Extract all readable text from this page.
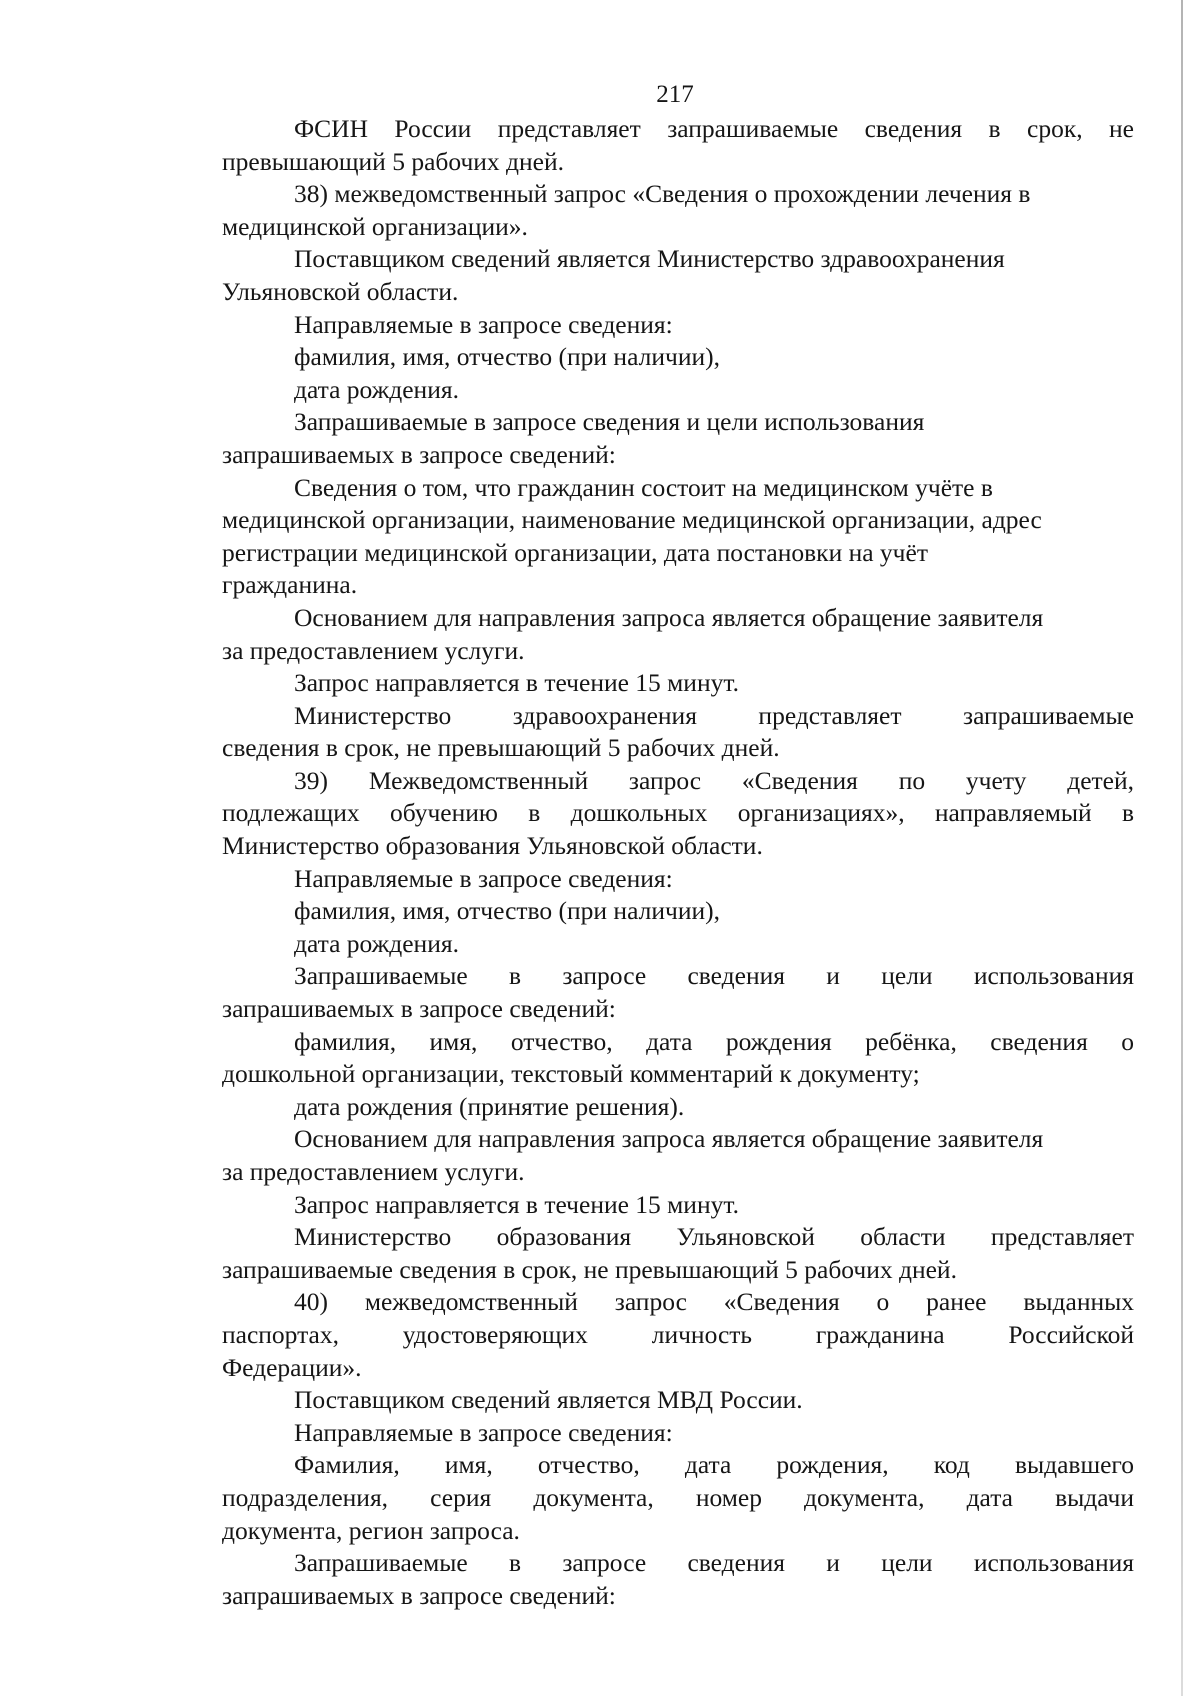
217
ФСИН России представляет запрашиваемые сведения в срок, не
превышающий 5 рабочих дней.
38) межведомственный запрос «Сведения о прохождении лечения в
медицинской организации».
Поставщиком сведений является Министерство здравоохранения
Ульяновской области.
Направляемые в запросе сведения:
фамилия, имя, отчество (при наличии),
дата рождения.
Запрашиваемые в запросе сведения и цели использования
запрашиваемых в запросе сведений:
Сведения о том, что гражданин состоит на медицинском учёте в
медицинской организации, наименование медицинской организации, адрес
регистрации медицинской организации, дата постановки на учёт
гражданина.
Основанием для направления запроса является обращение заявителя
за предоставлением услуги.
Запрос направляется в течение 15 минут.
Министерство здравоохранения представляет запрашиваемые
сведения в срок, не превышающий 5 рабочих дней.
39) Межведомственный запрос «Сведения по учету детей,
подлежащих обучению в дошкольных организациях», направляемый в
Министерство образования Ульяновской области.
Направляемые в запросе сведения:
фамилия, имя, отчество (при наличии),
дата рождения.
Запрашиваемые в запросе сведения и цели использования
запрашиваемых в запросе сведений:
фамилия, имя, отчество, дата рождения ребёнка, сведения о
дошкольной организации, текстовый комментарий к документу;
дата рождения (принятие решения).
Основанием для направления запроса является обращение заявителя
за предоставлением услуги.
Запрос направляется в течение 15 минут.
Министерство образования Ульяновской области представляет
запрашиваемые сведения в срок, не превышающий 5 рабочих дней.
40) межведомственный запрос «Сведения о ранее выданных
паспортах, удостоверяющих личность гражданина Российской
Федерации».
Поставщиком сведений является МВД России.
Направляемые в запросе сведения:
Фамилия, имя, отчество, дата рождения, код выдавшего
подразделения, серия документа, номер документа, дата выдачи
документа, регион запроса.
Запрашиваемые в запросе сведения и цели использования
запрашиваемых в запросе сведений:
